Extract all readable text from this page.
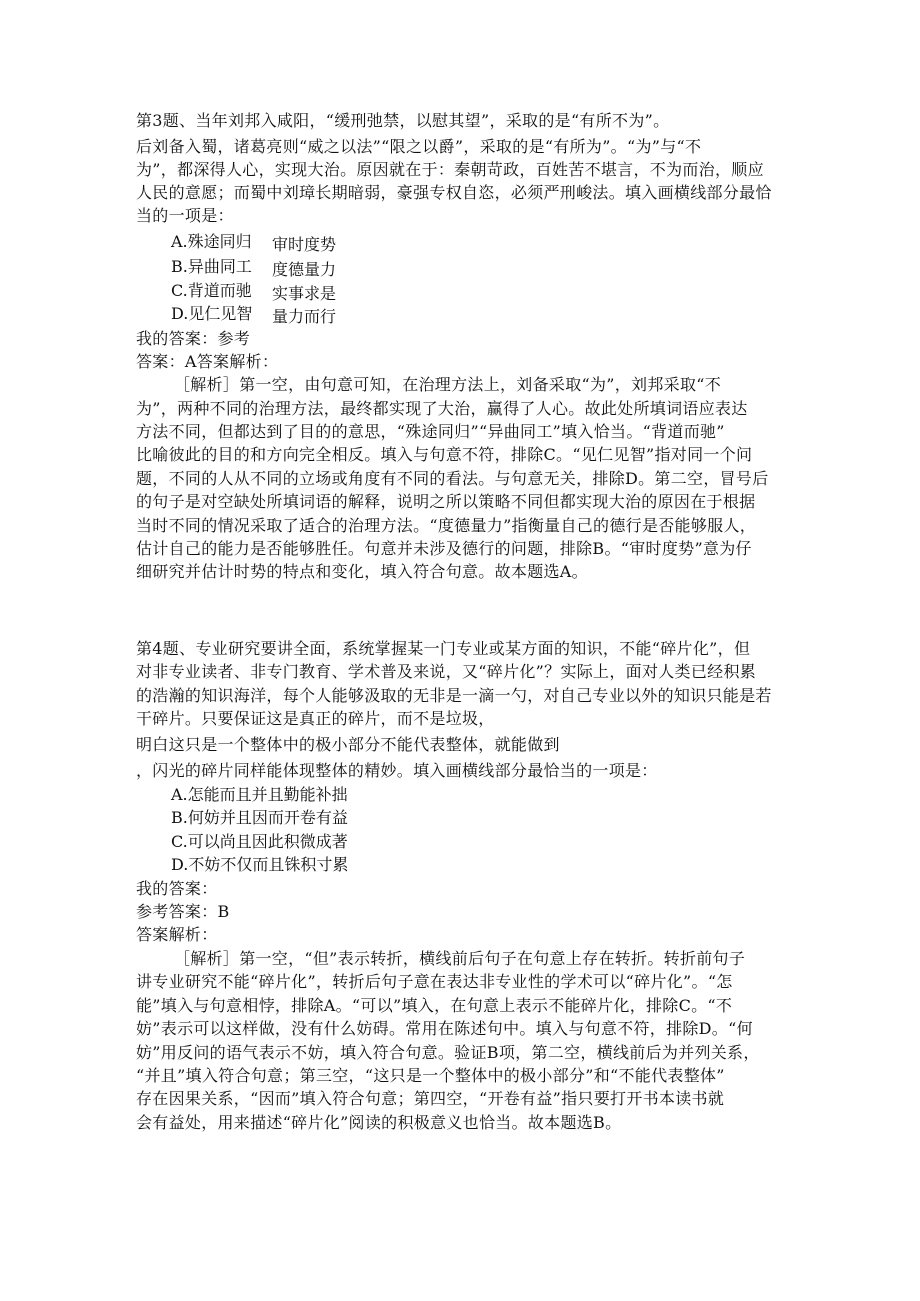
第3题、当年刘邦入咸阳，“缓刑弛禁，以慰其望”，采取的是“有所不为”。
后刘备入蜀，诸葛亮则“威之以法”“限之以爵”，采取的是“有所为”。“为”与“不
为”，都深得人心，实现大治。原因就在于：秦朝苛政，百姓苦不堪言，不为而治，顺应
人民的意愿；而蜀中刘璋长期暗弱，豪强专权自恣，必须严刑峻法。填入画横线部分最恰
当的一项是：
A.殊途同归 审时度势
B.异曲同工 度德量力
C.背道而驰 实事求是
D.见仁见智 量力而行
我的答案：参考
答案：A答案解析：
［解析］第一空，由句意可知，在治理方法上，刘备采取“为”，刘邦采取“不
为”，两种不同的治理方法，最终都实现了大治，赢得了人心。故此处所填词语应表达
方法不同，但都达到了目的的意思，“殊途同归”“异曲同工”填入恰当。“背道而驰”
比喻彼此的目的和方向完全相反。填入与句意不符，排除C。“见仁见智”指对同一个问
题，不同的人从不同的立场或角度有不同的看法。与句意无关，排除D。第二空，冒号后
的句子是对空缺处所填词语的解释，说明之所以策略不同但都实现大治的原因在于根据
当时不同的情况采取了适合的治理方法。“度德量力”指衡量自己的德行是否能够服人，
估计自己的能力是否能够胜任。句意并未涉及德行的问题，排除B。“审时度势”意为仔
细研究并估计时势的特点和变化，填入符合句意。故本题选A。
第4题、专业研究要讲全面，系统掌握某一门专业或某方面的知识，不能“碎片化”，但
对非专业读者、非专门教育、学术普及来说，又“碎片化”？实际上，面对人类已经积累
的浩瀚的知识海洋，每个人能够汲取的无非是一滴一勺，对自己专业以外的知识只能是若
干碎片。只要保证这是真正的碎片，而不是垃圾，
明白这只是一个整体中的极小部分不能代表整体，就能做到
，闪光的碎片同样能体现整体的精妙。填入画横线部分最恰当的一项是：
A.怎能而且并且勤能补拙
B.何妨并且因而开卷有益
C.可以尚且因此积微成著
D.不妨不仅而且铢积寸累
我的答案：
参考答案：B
答案解析：
［解析］第一空，“但”表示转折，横线前后句子在句意上存在转折。转折前句子
讲专业研究不能“碎片化”，转折后句子意在表达非专业性的学术可以“碎片化”。“怎
能”填入与句意相悖，排除A。“可以”填入，在句意上表示不能碎片化，排除C。“不
妨”表示可以这样做，没有什么妨碍。常用在陈述句中。填入与句意不符，排除D。“何
妨”用反问的语气表示不妨，填入符合句意。验证B项，第二空，横线前后为并列关系，
“并且”填入符合句意；第三空，“这只是一个整体中的极小部分”和“不能代表整体”
存在因果关系，“因而”填入符合句意；第四空，“开卷有益”指只要打开书本读书就
会有益处，用来描述“碎片化”阅读的积极意义也恰当。故本题选B。
